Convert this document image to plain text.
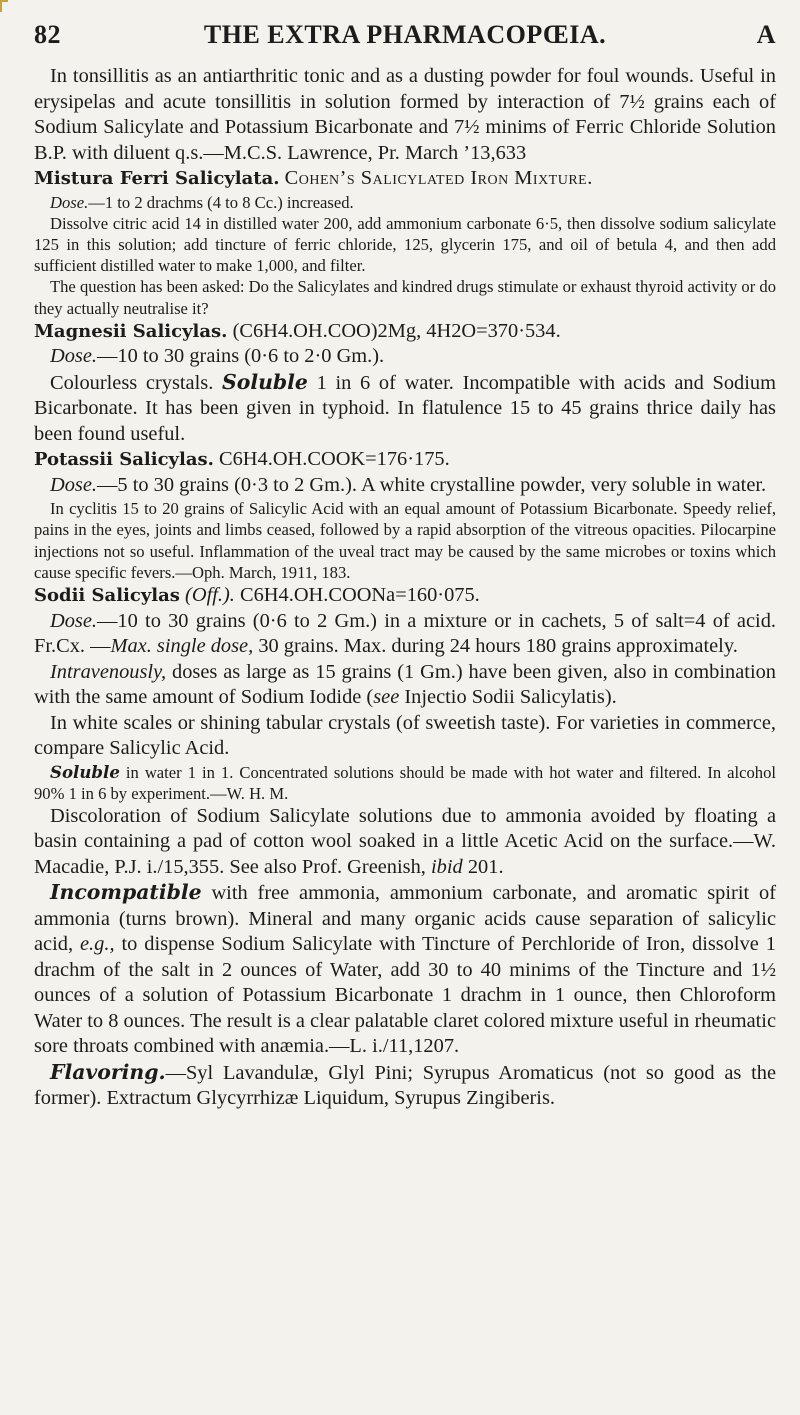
82	THE EXTRA PHARMACOPŒIA.	A

In tonsillitis as an antiarthritic tonic and as a dusting powder for foul wounds. Useful in erysipelas and acute tonsillitis in solution formed by interaction of 7½ grains each of Sodium Salicylate and Potassium Bicarbonate and 7½ minims of Ferric Chloride Solution B.P. with diluent q.s.—M.C.S. Lawrence, Pr. March ’13,633

Mistura Ferri Salicylata. Cohen’s Salicylated Iron Mixture.

Dose.—1 to 2 drachms (4 to 8 Cc.) increased.

Dissolve citric acid 14 in distilled water 200, add ammonium carbonate 6·5, then dissolve sodium salicylate 125 in this solution; add tincture of ferric chloride, 125, glycerin 175, and oil of betula 4, and then add sufficient distilled water to make 1,000, and filter.

The question has been asked: Do the Salicylates and kindred drugs stimulate or exhaust thyroid activity or do they actually neutralise it?

Magnesii Salicylas. (C6H4.OH.COO)2Mg, 4H2O=370·534.

Dose.—10 to 30 grains (0·6 to 2·0 Gm.).

Colourless crystals. Soluble 1 in 6 of water. Incompatible with acids and Sodium Bicarbonate. It has been given in typhoid. In flatulence 15 to 45 grains thrice daily has been found useful.

Potassii Salicylas. C6H4.OH.COOK=176·175.

Dose.—5 to 30 grains (0·3 to 2 Gm.). A white crystalline powder, very soluble in water.

In cyclitis 15 to 20 grains of Salicylic Acid with an equal amount of Potassium Bicarbonate. Speedy relief, pains in the eyes, joints and limbs ceased, followed by a rapid absorption of the vitreous opacities. Pilocarpine injections not so useful. Inflammation of the uveal tract may be caused by the same microbes or toxins which cause specific fevers.—Oph. March, 1911, 183.

Sodii Salicylas (Off.). C6H4.OH.COONa=160·075.

Dose.—10 to 30 grains (0·6 to 2 Gm.) in a mixture or in cachets, 5 of salt=4 of acid. Fr.Cx. —Max. single dose, 30 grains. Max. during 24 hours 180 grains approximately.

Intravenously, doses as large as 15 grains (1 Gm.) have been given, also in combination with the same amount of Sodium Iodide (see Injectio Sodii Salicylatis).

In white scales or shining tabular crystals (of sweetish taste). For varieties in commerce, compare Salicylic Acid.

Soluble in water 1 in 1. Concentrated solutions should be made with hot water and filtered. In alcohol 90% 1 in 6 by experiment.—W. H. M.

Discoloration of Sodium Salicylate solutions due to ammonia avoided by floating a basin containing a pad of cotton wool soaked in a little Acetic Acid on the surface.—W. Macadie, P.J. i./15,355. See also Prof. Greenish, ibid 201.

Incompatible with free ammonia, ammonium carbonate, and aromatic spirit of ammonia (turns brown). Mineral and many organic acids cause separation of salicylic acid, e.g., to dispense Sodium Salicylate with Tincture of Perchloride of Iron, dissolve 1 drachm of the salt in 2 ounces of Water, add 30 to 40 minims of the Tincture and 1½ ounces of a solution of Potassium Bicarbonate 1 drachm in 1 ounce, then Chloroform Water to 8 ounces. The result is a clear palatable claret colored mixture useful in rheumatic sore throats combined with anæmia.—L. i./11,1207.

Flavoring.—Syl Lavandulæ, Glyl Pini; Syrupus Aromaticus (not so good as the former). Extractum Glycyrrhizæ Liquidum, Syrupus Zingiberis.
